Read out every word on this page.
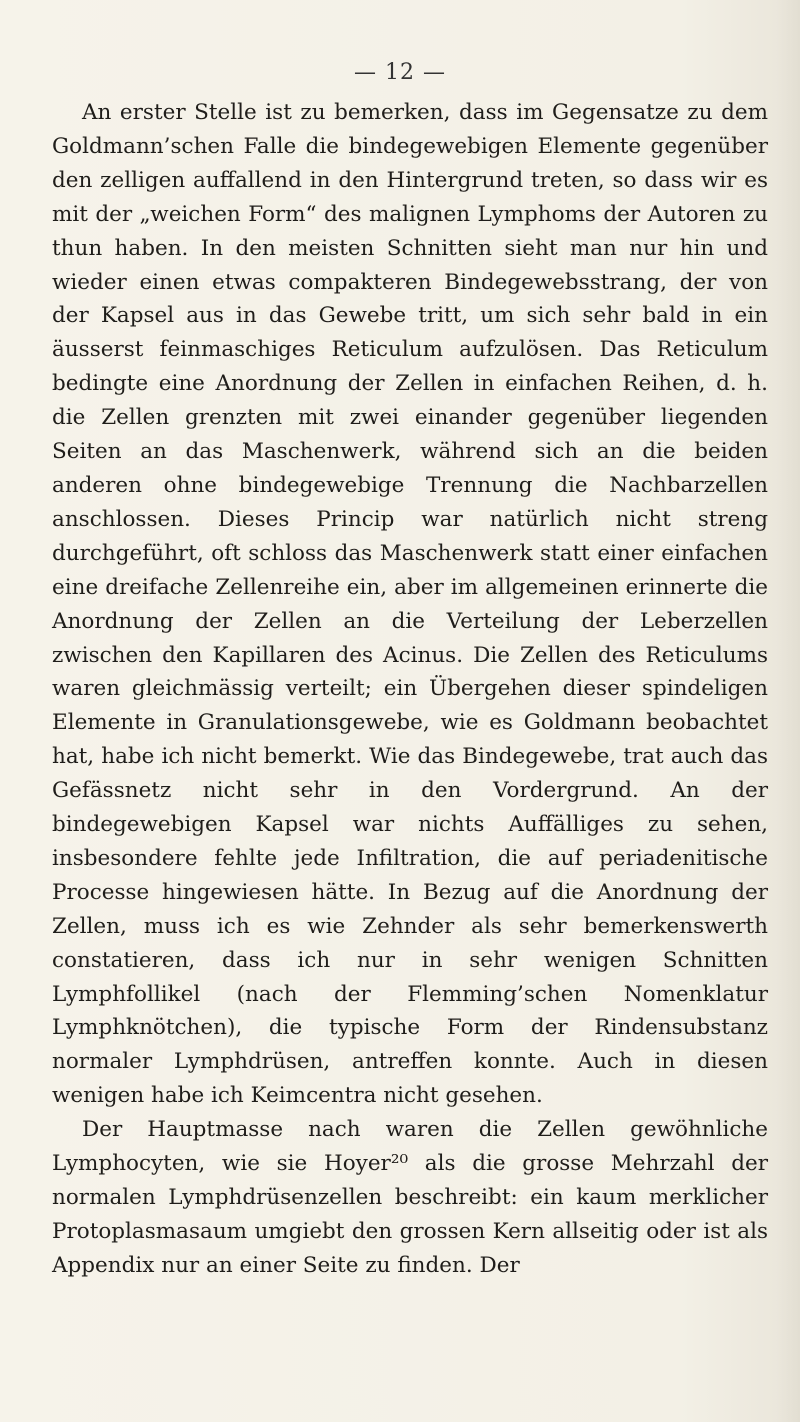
— 12 —

An erster Stelle ist zu bemerken, dass im Gegensatze zu dem Goldmann’schen Falle die bindegewebigen Elemente gegenüber den zelligen auffallend in den Hintergrund treten, so dass wir es mit der „weichen Form“ des malignen Lymphoms der Autoren zu thun haben. In den meisten Schnitten sieht man nur hin und wieder einen etwas compakteren Bindegewebsstrang, der von der Kapsel aus in das Gewebe tritt, um sich sehr bald in ein äusserst feinmaschiges Reticulum aufzulösen. Das Reticulum bedingte eine Anordnung der Zellen in einfachen Reihen, d. h. die Zellen grenzten mit zwei einander gegenüber liegenden Seiten an das Maschenwerk, während sich an die beiden anderen ohne bindegewebige Trennung die Nachbarzellen anschlossen. Dieses Princip war natürlich nicht streng durchgeführt, oft schloss das Maschenwerk statt einer einfachen eine dreifache Zellenreihe ein, aber im allgemeinen erinnerte die Anordnung der Zellen an die Verteilung der Leberzellen zwischen den Kapillaren des Acinus. Die Zellen des Reticulums waren gleichmässig verteilt; ein Übergehen dieser spindeligen Elemente in Granulationsgewebe, wie es Goldmann beobachtet hat, habe ich nicht bemerkt. Wie das Bindegewebe, trat auch das Gefässnetz nicht sehr in den Vordergrund. An der bindegewebigen Kapsel war nichts Auffälliges zu sehen, insbesondere fehlte jede Infiltration, die auf periadenitische Processe hingewiesen hätte. In Bezug auf die Anordnung der Zellen, muss ich es wie Zehnder als sehr bemerkenswerth constatieren, dass ich nur in sehr wenigen Schnitten Lymphfollikel (nach der Flemming’schen Nomenklatur Lymphknötchen), die typische Form der Rindensubstanz normaler Lymphdrüsen, antreffen konnte. Auch in diesen wenigen habe ich Keimcentra nicht gesehen.

Der Hauptmasse nach waren die Zellen gewöhnliche Lymphocyten, wie sie Hoyer²⁰ als die grosse Mehrzahl der normalen Lymphdrüsenzellen beschreibt: ein kaum merklicher Protoplasmasaum umgiebt den grossen Kern allseitig oder ist als Appendix nur an einer Seite zu finden. Der
